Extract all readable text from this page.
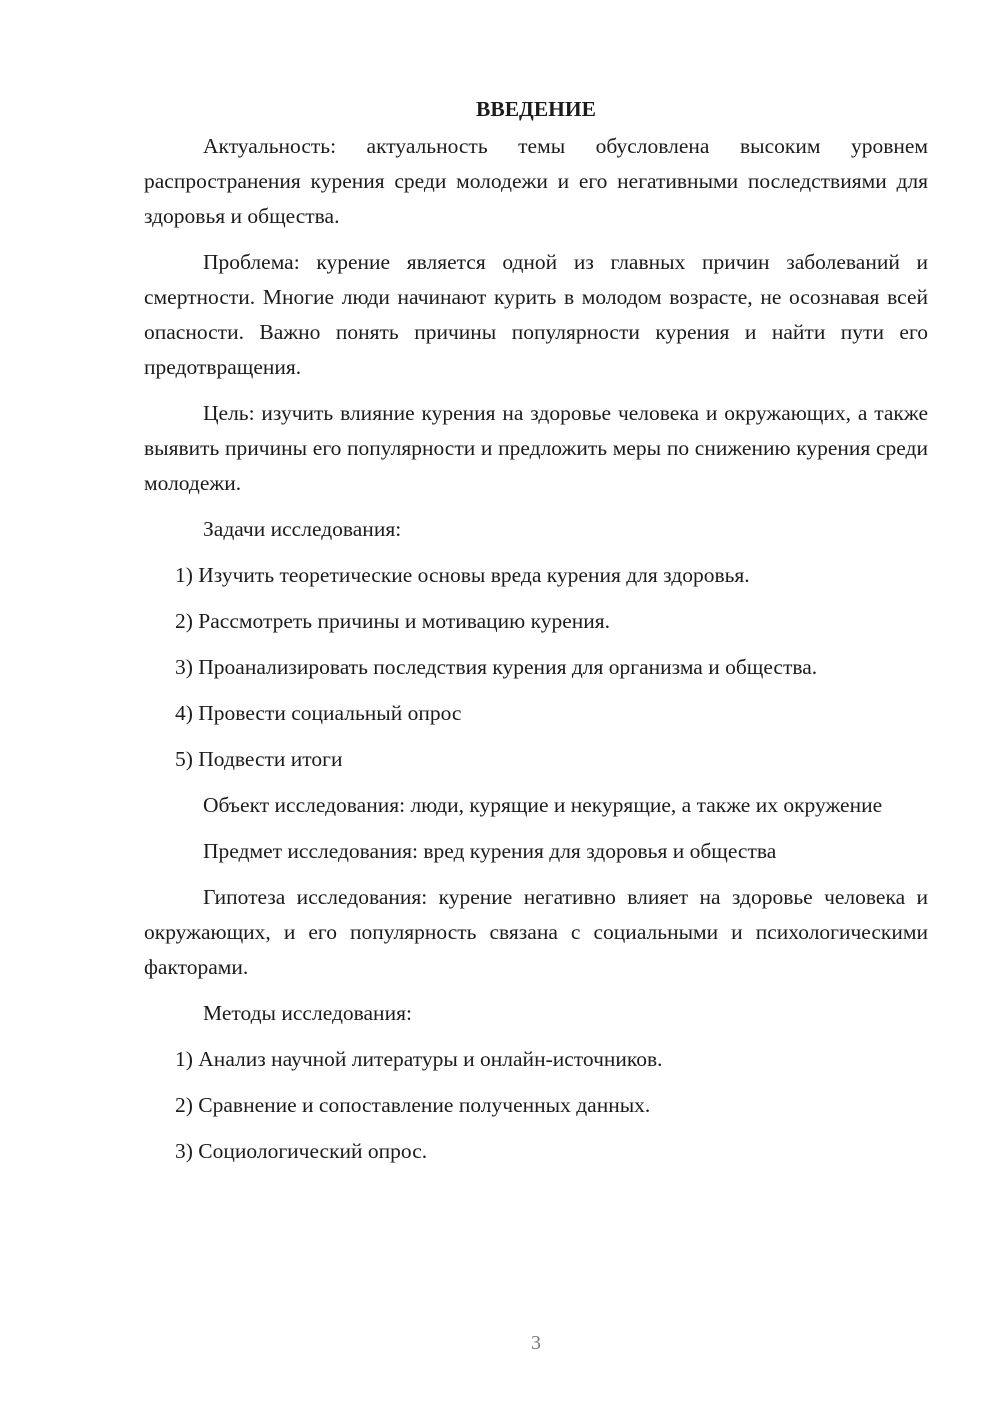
ВВЕДЕНИЕ

Актуальность: актуальность темы обусловлена высоким уровнем распространения курения среди молодежи и его негативными последствиями для здоровья и общества.

Проблема: курение является одной из главных причин заболеваний и смертности. Многие люди начинают курить в молодом возрасте, не осознавая всей опасности. Важно понять причины популярности курения и найти пути его предотвращения.

Цель: изучить влияние курения на здоровье человека и окружающих, а также выявить причины его популярности и предложить меры по снижению курения среди молодежи.

Задачи исследования:

1) Изучить теоретические основы вреда курения для здоровья.

2) Рассмотреть причины и мотивацию курения.

3) Проанализировать последствия курения для организма и общества.

4) Провести социальный опрос

5) Подвести итоги

Объект исследования: люди, курящие и некурящие, а также их окружение

Предмет исследования: вред курения для здоровья и общества

Гипотеза исследования: курение негативно влияет на здоровье человека и окружающих, и его популярность связана с социальными и психологическими факторами.

Методы исследования:

1) Анализ научной литературы и онлайн-источников.

2) Сравнение и сопоставление полученных данных.

3) Социологический опрос.

3
